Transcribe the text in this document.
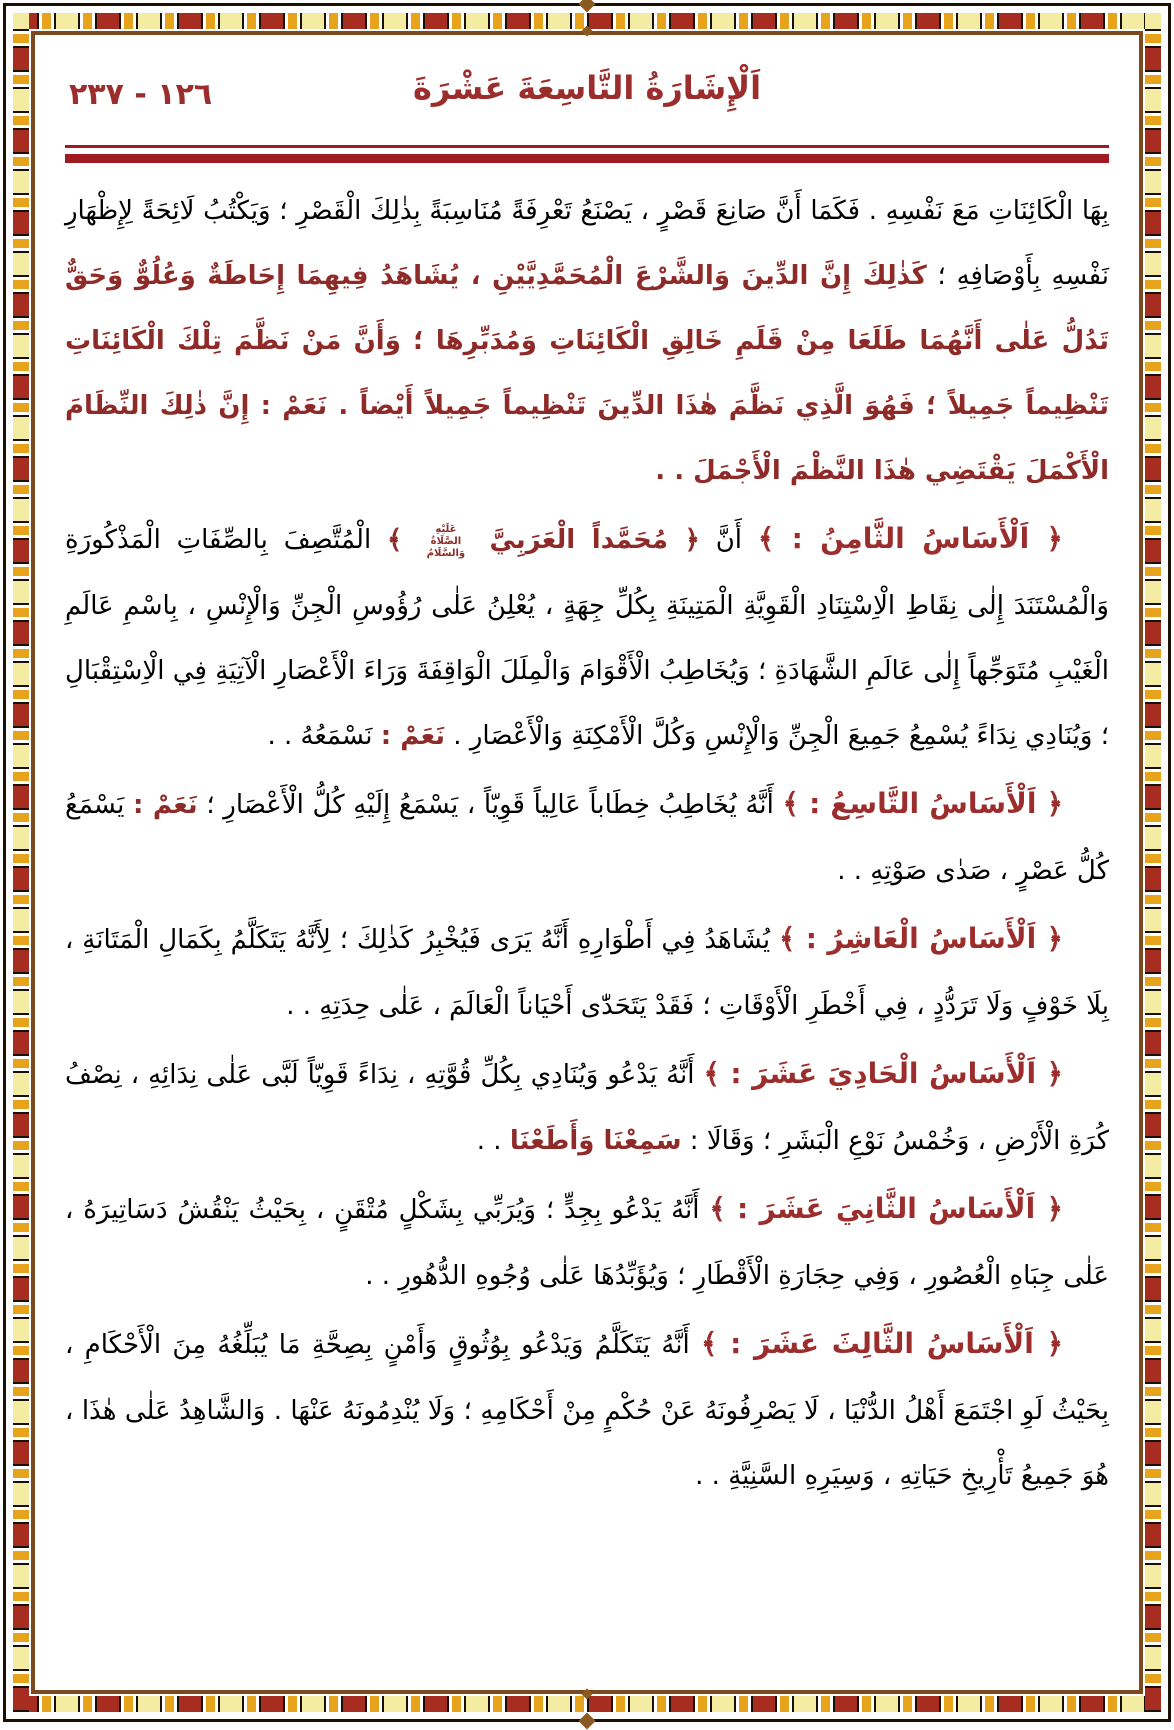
١٢٦ - ٢٣٧	اَلْإِشَارَةُ التَّاسِعَةَ عَشْرَةَ

بِهَا الْكَائِنَاتِ مَعَ نَفْسِهِ . فَكَمَا أَنَّ صَانِعَ قَصْرٍ ، يَصْنَعُ تَعْرِفَةً مُنَاسِبَةً بِذٰلِكَ الْقَصْرِ ؛ وَيَكْتُبُ لَائِحَةً لِإِظْهَارِ نَفْسِهِ بِأَوْصَافِهِ ؛ كَذٰلِكَ إِنَّ الدِّينَ وَالشَّرْعَ الْمُحَمَّدِيَّيْنِ ، يُشَاهَدُ فِيهِمَا إِحَاطَةٌ وَعُلُوٌّ وَحَقٌّ تَدُلُّ عَلٰى أَنَّهُمَا طَلَعَا مِنْ قَلَمِ خَالِقِ الْكَائِنَاتِ وَمُدَبِّرِهَا ؛ وَأَنَّ مَنْ نَظَّمَ تِلْكَ الْكَائِنَاتِ تَنْظِيماً جَمِيلاً ؛ فَهُوَ الَّذِي نَظَّمَ هٰذَا الدِّينَ تَنْظِيماً جَمِيلاً أَيْضاً . نَعَمْ : إِنَّ ذٰلِكَ النِّظَامَ الْأَكْمَلَ يَقْتَضِي هٰذَا النَّظْمَ الْأَجْمَلَ . .

﴿ اَلْأَسَاسُ الثَّامِنُ : ﴾ أَنَّ ﴿ مُحَمَّداً الْعَرَبِيَّ عَلَيْهِ الصَّلَاةُ وَالسَّلَامُ ﴾ الْمُتَّصِفَ بِالصِّفَاتِ الْمَذْكُورَةِ وَالْمُسْتَنَدَ إِلٰى نِقَاطِ الْاِسْتِنَادِ الْقَوِيَّةِ الْمَتِينَةِ بِكُلِّ جِهَةٍ ، يُعْلِنُ عَلٰى رُؤُوسِ الْجِنِّ وَالْإِنْسِ ، بِاسْمِ عَالَمِ الْغَيْبِ مُتَوَجِّهاً إِلٰى عَالَمِ الشَّهَادَةِ ؛ وَيُخَاطِبُ الْأَقْوَامَ وَالْمِلَلَ الْوَاقِفَةَ وَرَاءَ الْأَعْصَارِ الْآتِيَةِ فِي الْاِسْتِقْبَالِ ؛ وَيُنَادِي نِدَاءً يُسْمِعُ جَمِيعَ الْجِنِّ وَالْإِنْسِ وَكُلَّ الْأَمْكِنَةِ وَالْأَعْصَارِ . نَعَمْ : نَسْمَعُهُ . .

﴿ اَلْأَسَاسُ التَّاسِعُ : ﴾ أَنَّهُ يُخَاطِبُ خِطَاباً عَالِياً قَوِيّاً ، يَسْمَعُ إِلَيْهِ كُلُّ الْأَعْصَارِ ؛ نَعَمْ : يَسْمَعُ كُلُّ عَصْرٍ ، صَدٰى صَوْتِهِ . .

﴿ اَلْأَسَاسُ الْعَاشِرُ : ﴾ يُشَاهَدُ فِي أَطْوَارِهِ أَنَّهُ يَرَى فَيُخْبِرُ كَذٰلِكَ ؛ لِأَنَّهُ يَتَكَلَّمُ بِكَمَالِ الْمَتَانَةِ ، بِلَا خَوْفٍ وَلَا تَرَدُّدٍ ، فِي أَخْطَرِ الْأَوْقَاتِ ؛ فَقَدْ يَتَحَدّٰى أَحْيَاناً الْعَالَمَ ، عَلٰى حِدَتِهِ . .

﴿ اَلْأَسَاسُ الْحَادِيَ عَشَرَ : ﴾ أَنَّهُ يَدْعُو وَيُنَادِي بِكُلِّ قُوَّتِهِ ، نِدَاءً قَوِيّاً لَبَّى عَلٰى نِدَائِهِ ، نِصْفُ كُرَةِ الْأَرْضِ ، وَخُمْسُ نَوْعِ الْبَشَرِ ؛ وَقَالَا : سَمِعْنَا وَأَطَعْنَا . .

﴿ اَلْأَسَاسُ الثَّانِيَ عَشَرَ : ﴾ أَنَّهُ يَدْعُو بِجِدٍّ ؛ وَيُرَبِّي بِشَكْلٍ مُتْقَنٍ ، بِحَيْثُ يَنْقُشُ دَسَاتِيرَهُ ، عَلٰى جِبَاهِ الْعُصُورِ ، وَفِي حِجَارَةِ الْأَقْطَارِ ؛ وَيُؤَبِّدُهَا عَلٰى وُجُوهِ الدُّهُورِ . .

﴿ اَلْأَسَاسُ الثَّالِثَ عَشَرَ : ﴾ أَنَّهُ يَتَكَلَّمُ وَيَدْعُو بِوُثُوقٍ وَأَمْنٍ بِصِحَّةِ مَا يُبَلِّغُهُ مِنَ الْأَحْكَامِ ، بِحَيْثُ لَوِ اجْتَمَعَ أَهْلُ الدُّنْيَا ، لَا يَصْرِفُونَهُ عَنْ حُكْمٍ مِنْ أَحْكَامِهِ ؛ وَلَا يُنْدِمُونَهُ عَنْهَا . وَالشَّاهِدُ عَلٰى هٰذَا ، هُوَ جَمِيعُ تَأْرِيخِ حَيَاتِهِ ، وَسِيَرِهِ السَّنِيَّةِ . .
